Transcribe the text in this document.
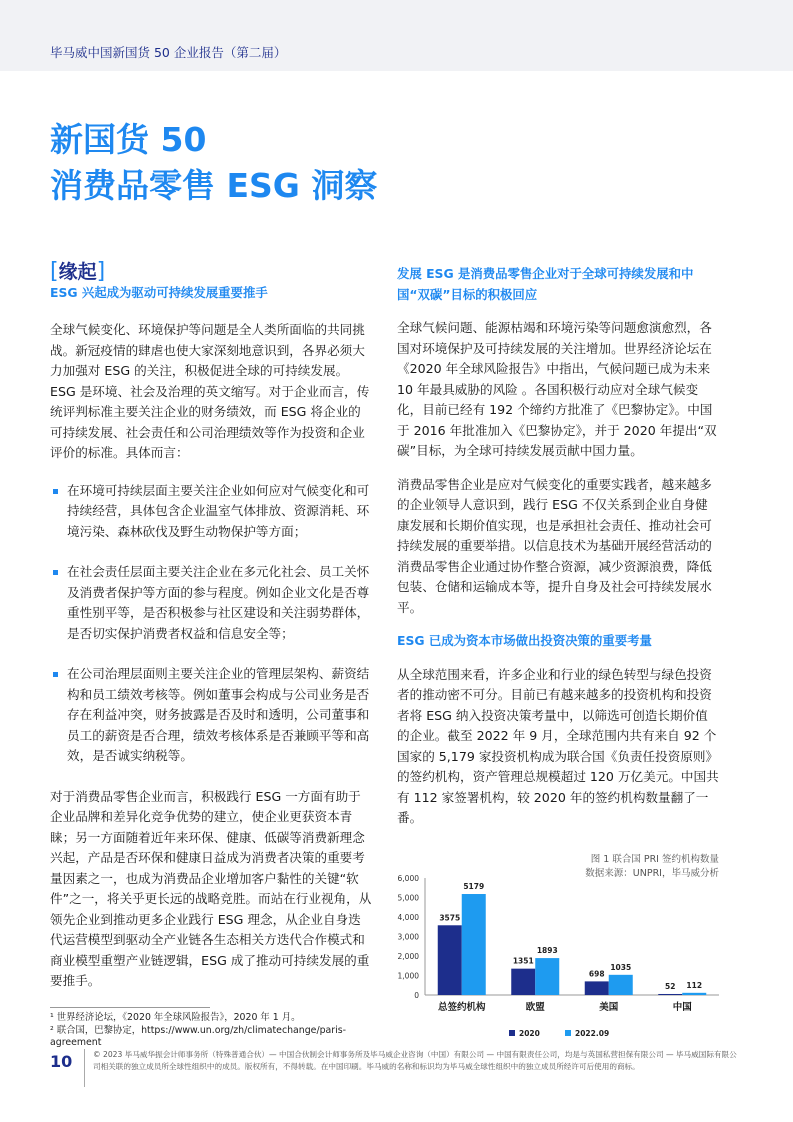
毕马威中国新国货 50 企业报告（第二届）
新国货 50
消费品零售 ESG 洞察
[缘起]
ESG 兴起成为驱动可持续发展重要推手

全球气候变化、环境保护等问题是全人类所面临的共同挑战。新冠疫情的肆虐也使大家深刻地意识到，各界必须大力加强对 ESG 的关注，积极促进全球的可持续发展。ESG 是环境、社会及治理的英文缩写。对于企业而言，传统评判标准主要关注企业的财务绩效，而 ESG 将企业的可持续发展、社会责任和公司治理绩效等作为投资和企业评价的标准。具体而言：

在环境可持续层面主要关注企业如何应对气候变化和可持续经营，具体包含企业温室气体排放、资源消耗、环境污染、森林砍伐及野生动物保护等方面；
在社会责任层面主要关注企业在多元化社会、员工关怀及消费者保护等方面的参与程度。例如企业文化是否尊重性别平等，是否积极参与社区建设和关注弱势群体，是否切实保护消费者权益和信息安全等；
在公司治理层面则主要关注企业的管理层架构、薪资结构和员工绩效考核等。例如董事会构成与公司业务是否存在利益冲突，财务披露是否及时和透明，公司董事和员工的薪资是否合理，绩效考核体系是否兼顾平等和高效，是否诚实纳税等。

对于消费品零售企业而言，积极践行 ESG 一方面有助于企业品牌和差异化竞争优势的建立，使企业更获资本青睐；另一方面随着近年来环保、健康、低碳等消费新理念兴起，产品是否环保和健康日益成为消费者决策的重要考量因素之一，也成为消费品企业增加客户黏性的关键“软件”之一，将关乎更长远的战略竞胜。而站在行业视角，从领先企业到推动更多企业践行 ESG 理念，从企业自身迭代运营模型到驱动全产业链各生态相关方迭代合作模式和商业模型重塑产业链逻辑，ESG 成了推动可持续发展的重要推手。

发展 ESG 是消费品零售企业对于全球可持续发展和中国“双碳”目标的积极回应

全球气候问题、能源枯竭和环境污染等问题愈演愈烈，各国对环境保护及可持续发展的关注增加。世界经济论坛在《2020 年全球风险报告》中指出，气候问题已成为未来 10 年最具威胁的风险 。各国积极行动应对全球气候变化，目前已经有 192 个缔约方批准了《巴黎协定》。中国于 2016 年批准加入《巴黎协定》，并于 2020 年提出“双碳”目标，为全球可持续发展贡献中国力量。

消费品零售企业是应对气候变化的重要实践者，越来越多的企业领导人意识到，践行 ESG 不仅关系到企业自身健康发展和长期价值实现，也是承担社会责任、推动社会可持续发展的重要举措。以信息技术为基础开展经营活动的消费品零售企业通过协作整合资源，减少资源浪费，降低包装、仓储和运输成本等，提升自身及社会可持续发展水平。

ESG 已成为资本市场做出投资决策的重要考量

从全球范围来看，许多企业和行业的绿色转型与绿色投资者的推动密不可分。目前已有越来越多的投资机构和投资者将 ESG 纳入投资决策考量中，以筛选可创造长期价值的企业。截至 2022 年 9 月，全球范围内共有来自 92 个国家的 5,179 家投资机构成为联合国《负责任投资原则》的签约机构，资产管理总规模超过 120 万亿美元。中国共有 112 家签署机构，较 2020 年的签约机构数量翻了一番。

图 1 联合国 PRI 签约机构数量
数据来源：UNPRI，毕马威分析
0
1,000
2,000
3,000
4,000
5,000
6,000
3575
5179
总签约机构
1351
1893
欧盟
698
1035
美国
52 112
中国
2020	2022.09
¹ 世界经济论坛，《2020 年全球风险报告》，2020 年 1 月。
² 联合国，巴黎协定，https://www.un.org/zh/climatechange/paris-agreement
10	© 2023 毕马威华振会计师事务所（特殊普通合伙）— 中国合伙制会计师事务所及毕马威企业咨询（中国）有限公司 — 中国有限责任公司，均是与英国私营担保有限公司 — 毕马威国际有限公司相关联的独立成员所全球性组织中的成员。版权所有，不得转载。在中国印刷。毕马威的名称和标识均为毕马威全球性组织中的独立成员所经许可后使用的商标。
